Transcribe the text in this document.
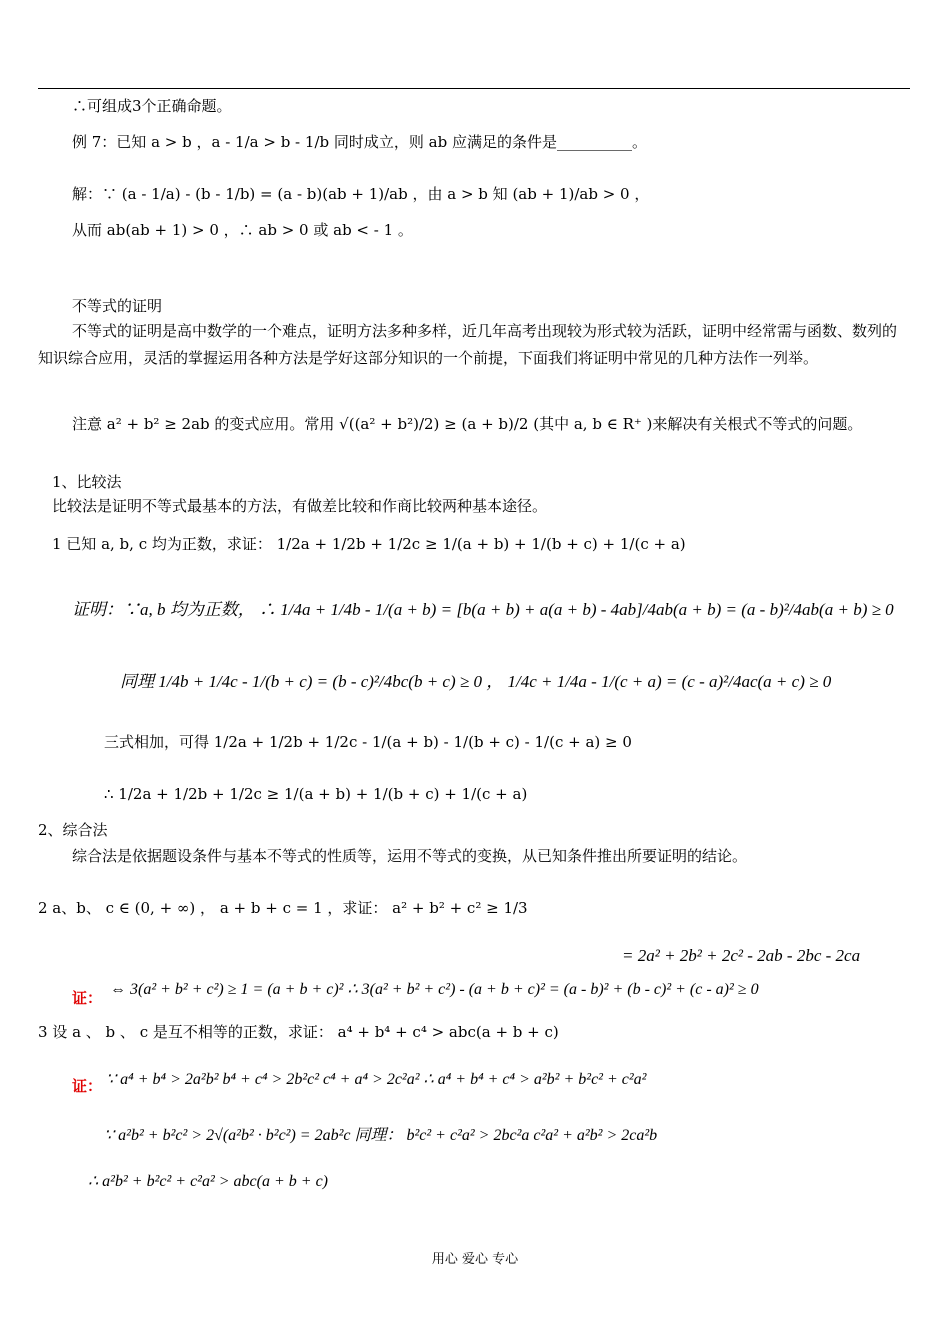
∴可组成3个正确命题。
例 7：已知 a > b ，a - 1/a > b - 1/b 同时成立，则 ab 应满足的条件是__________。
解：∵ (a - 1/a) - (b - 1/b) = (a - b)(ab + 1)/ab ，由 a > b 知 (ab + 1)/ab > 0 ，
从而 ab(ab + 1) > 0 ，∴ ab > 0 或 ab < - 1 。
不等式的证明
不等式的证明是高中数学的一个难点，证明方法多种多样，近几年高考出现较为形式较为活跃，证明中经常需与函数、数列的知识综合应用，灵活的掌握运用各种方法是学好这部分知识的一个前提，下面我们将证明中常见的几种方法作一列举。
注意 a² + b² ≥ 2ab 的变式应用。常用 √((a² + b²)/2) ≥ (a + b)/2 (其中 a, b ∈ R⁺ )来解决有关根式不等式的问题。
1、比较法
比较法是证明不等式最基本的方法，有做差比较和作商比较两种基本途径。
1 已知 a, b, c 均为正数，求证： 1/2a + 1/2b + 1/2c ≥ 1/(a + b) + 1/(b + c) + 1/(c + a)
证明：∵a, b 均为正数， ∴ 1/4a + 1/4b - 1/(a + b) = [b(a + b) + a(a + b) - 4ab]/4ab(a + b) = (a - b)²/4ab(a + b) ≥ 0
同理 1/4b + 1/4c - 1/(b + c) = (b - c)²/4bc(b + c) ≥ 0 ， 1/4c + 1/4a - 1/(c + a) = (c - a)²/4ac(a + c) ≥ 0
三式相加，可得 1/2a + 1/2b + 1/2c - 1/(a + b) - 1/(b + c) - 1/(c + a) ≥ 0
∴ 1/2a + 1/2b + 1/2c ≥ 1/(a + b) + 1/(b + c) + 1/(c + a)
2、综合法
综合法是依据题设条件与基本不等式的性质等，运用不等式的变换，从已知条件推出所要证明的结论。
2 a、b、 c ∈ (0, + ∞) ， a + b + c = 1 ，求证： a² + b² + c² ≥ 1/3
= 2a² + 2b² + 2c² - 2ab - 2bc - 2ca
证： ⇔ 3(a² + b² + c²) ≥ 1 = (a + b + c)² ∴ 3(a² + b² + c²) - (a + b + c)² = (a - b)² + (b - c)² + (c - a)² ≥ 0
3 设 a 、 b 、 c 是互不相等的正数，求证： a⁴ + b⁴ + c⁴ > abc(a + b + c)
证： ∵ a⁴ + b⁴ > 2a²b² b⁴ + c⁴ > 2b²c² c⁴ + a⁴ > 2c²a² ∴ a⁴ + b⁴ + c⁴ > a²b² + b²c² + c²a²
∵ a²b² + b²c² > 2√(a²b² · b²c²) = 2ab²c 同理： b²c² + c²a² > 2bc²a c²a² + a²b² > 2ca²b
∴ a²b² + b²c² + c²a² > abc(a + b + c)
用心 爱心 专心
